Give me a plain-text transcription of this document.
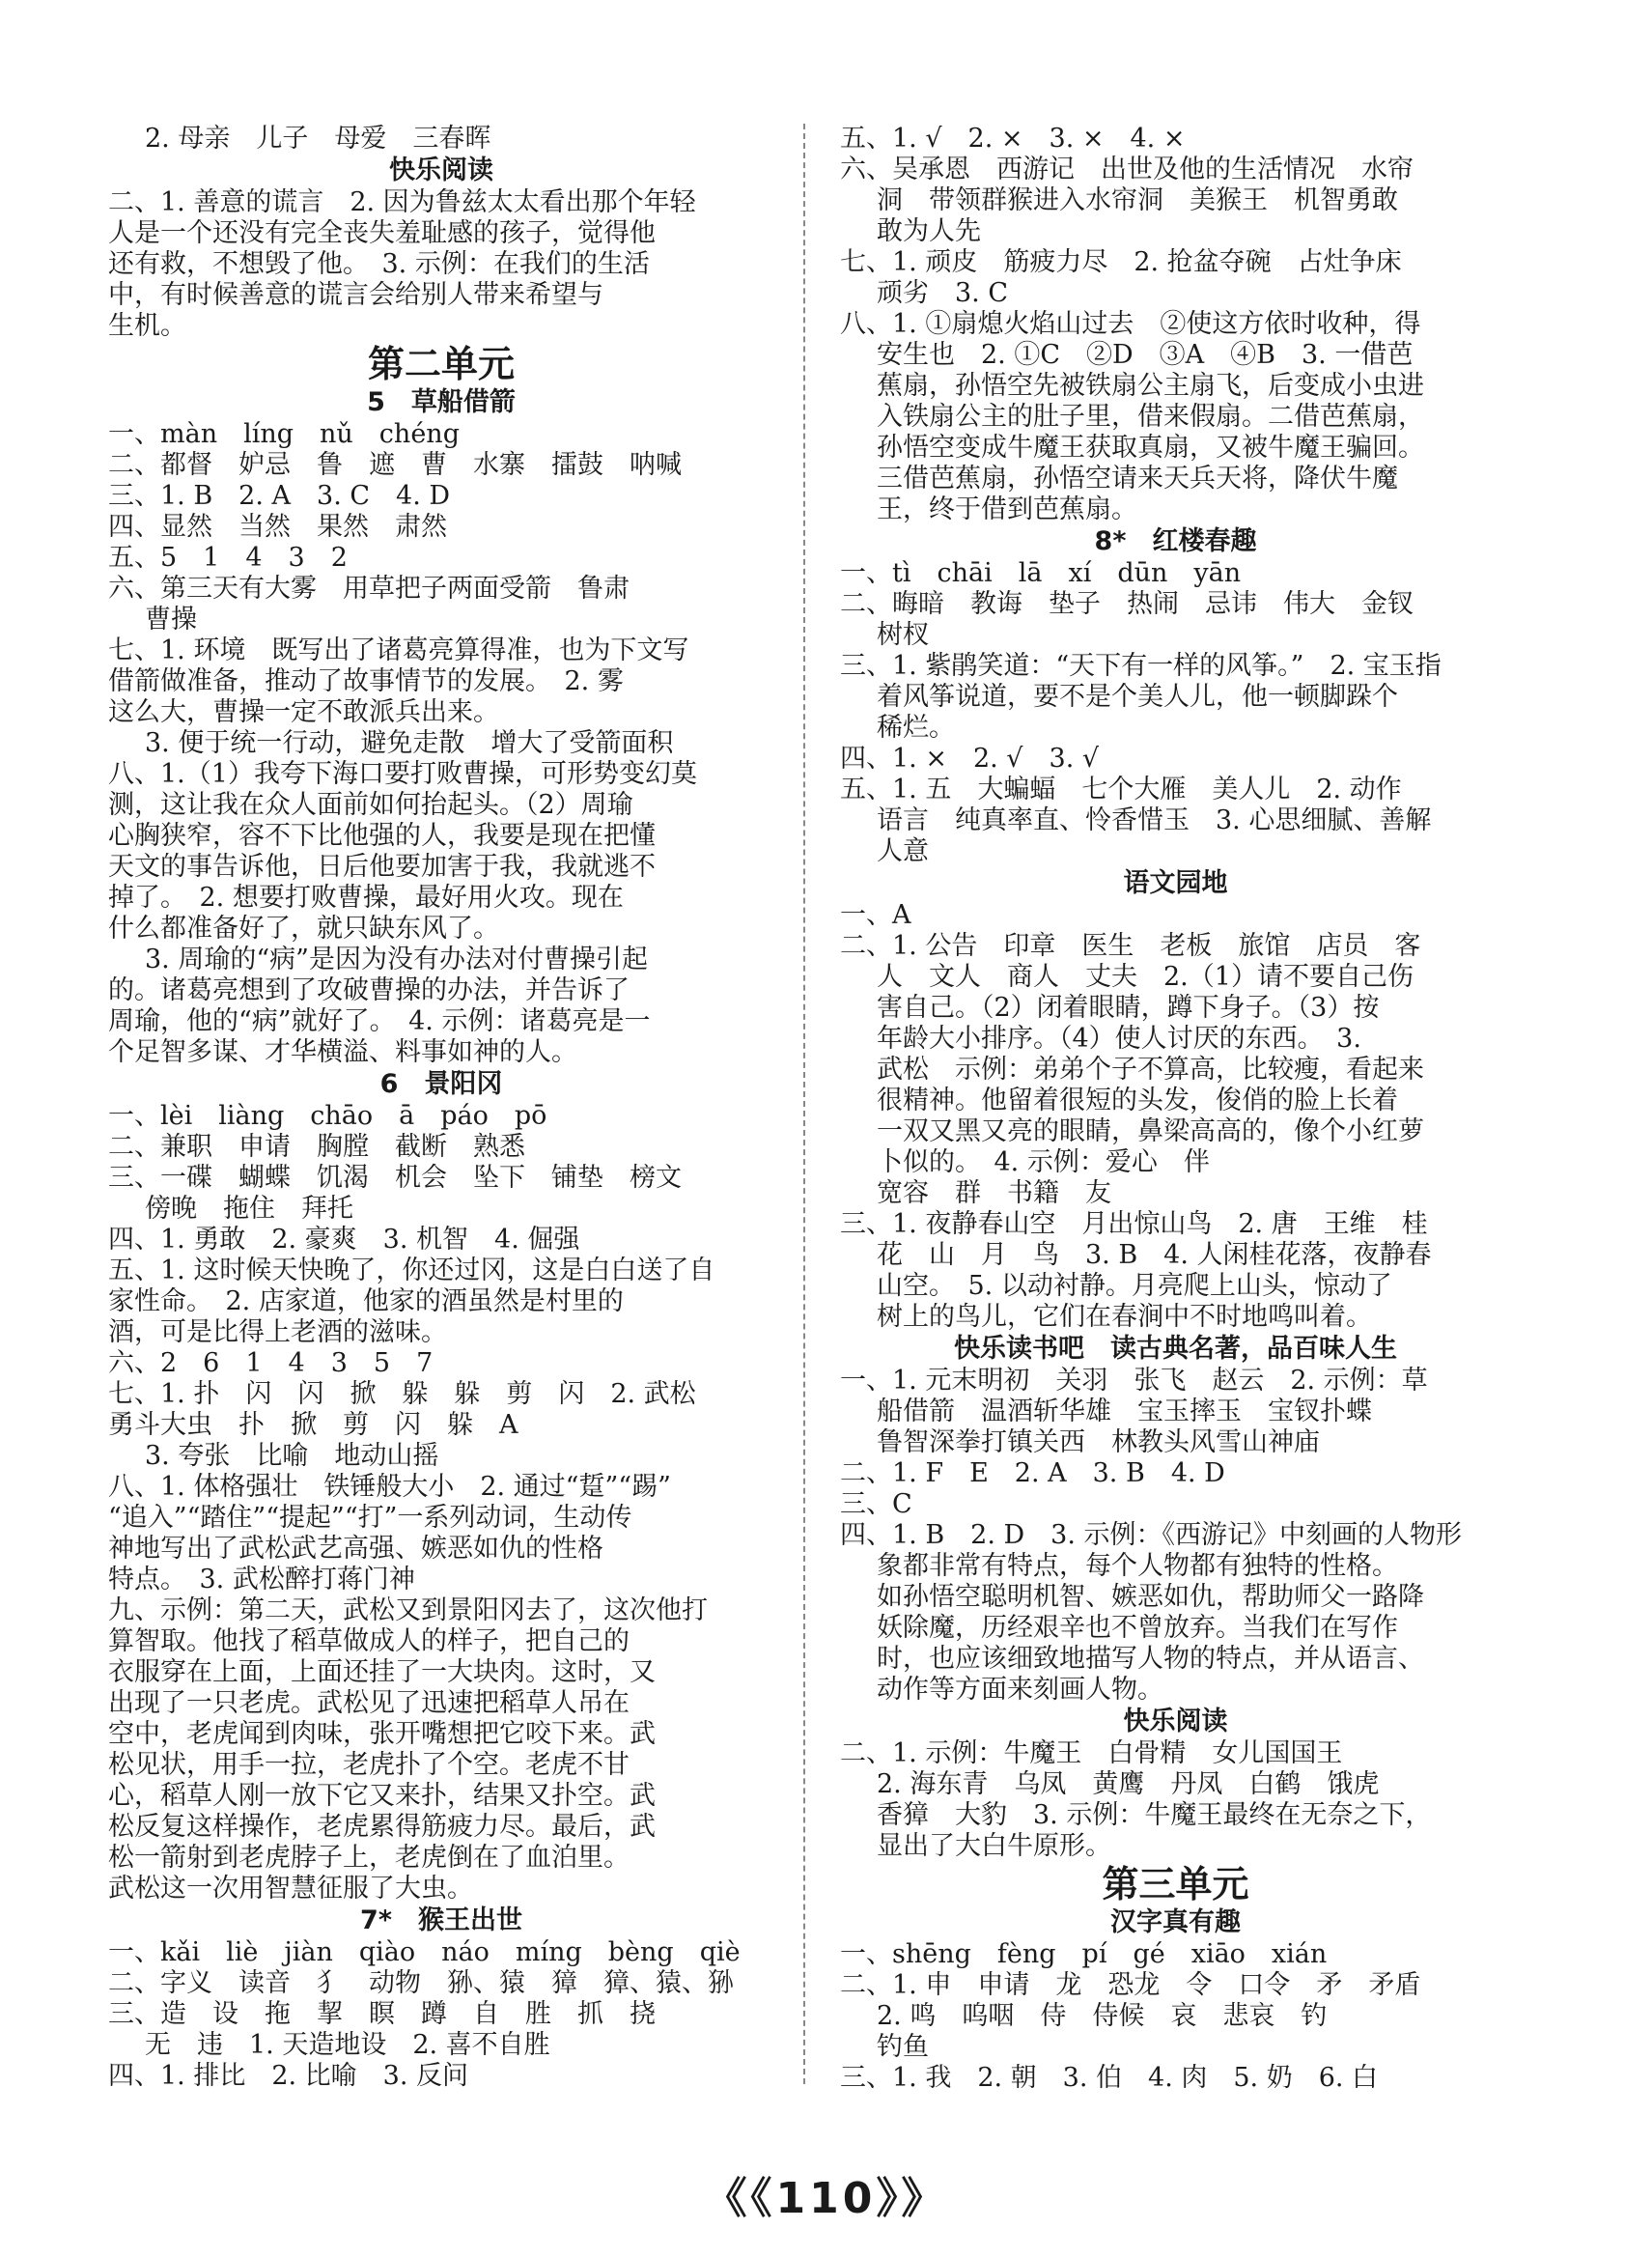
2. 母亲　儿子　母爱　三春晖
快乐阅读
二、1. 善意的谎言　2. 因为鲁兹太太看出那个年轻
人是一个还没有完全丧失羞耻感的孩子，觉得他
还有救，不想毁了他。　3. 示例：在我们的生活
中，有时候善意的谎言会给别人带来希望与
生机。
第二单元
5　草船借箭
一、màn　líng　nǔ　chéng
二、都督　妒忌　鲁　遮　曹　水寨　擂鼓　呐喊
三、1. B　2. A　3. C　4. D
四、显然　当然　果然　肃然
五、5　1　4　3　2
六、第三天有大雾　用草把子两面受箭　鲁肃
曹操
七、1. 环境　既写出了诸葛亮算得准，也为下文写
借箭做准备，推动了故事情节的发展。　2. 雾
这么大，曹操一定不敢派兵出来。
3. 便于统一行动，避免走散　增大了受箭面积
八、1.（1）我夸下海口要打败曹操，可形势变幻莫
测，这让我在众人面前如何抬起头。（2）周瑜
心胸狭窄，容不下比他强的人，我要是现在把懂
天文的事告诉他，日后他要加害于我，我就逃不
掉了。　2. 想要打败曹操，最好用火攻。现在
什么都准备好了，就只缺东风了。
3. 周瑜的“病”是因为没有办法对付曹操引起
的。诸葛亮想到了攻破曹操的办法，并告诉了
周瑜，他的“病”就好了。　4. 示例：诸葛亮是一
个足智多谋、才华横溢、料事如神的人。
6　景阳冈
一、lèi　liàng　chāo　ā　páo　pō
二、兼职　申请　胸膛　截断　熟悉
三、一碟　蝴蝶　饥渴　机会　坠下　铺垫　榜文
傍晚　拖住　拜托
四、1. 勇敢　2. 豪爽　3. 机智　4. 倔强
五、1. 这时候天快晚了，你还过冈，这是白白送了自
家性命。　2. 店家道，他家的酒虽然是村里的
酒，可是比得上老酒的滋味。
六、2　6　1　4　3　5　7
七、1. 扑　闪　闪　掀　躲　躲　剪　闪　2. 武松
勇斗大虫　扑　掀　剪　闪　躲　A
3. 夸张　比喻　地动山摇
八、1. 体格强壮　铁锤般大小　2. 通过“踅”“踢”
“追入”“踏住”“提起”“打”一系列动词，生动传
神地写出了武松武艺高强、嫉恶如仇的性格
特点。　3. 武松醉打蒋门神
九、示例：第二天，武松又到景阳冈去了，这次他打
算智取。他找了稻草做成人的样子，把自己的
衣服穿在上面，上面还挂了一大块肉。这时，又
出现了一只老虎。武松见了迅速把稻草人吊在
空中，老虎闻到肉味，张开嘴想把它咬下来。武
松见状，用手一拉，老虎扑了个空。老虎不甘
心，稻草人刚一放下它又来扑，结果又扑空。武
松反复这样操作，老虎累得筋疲力尽。最后，武
松一箭射到老虎脖子上，老虎倒在了血泊里。
武松这一次用智慧征服了大虫。
7*　猴王出世
一、kǎi　liè　jiàn　qiào　náo　míng　bèng　qiè
二、字义　读音　犭　动物　狲、猿　獐　獐、猿、狲
三、造　设　拖　挈　瞑　蹲　自　胜　抓　挠
无　违　1. 天造地设　2. 喜不自胜
四、1. 排比　2. 比喻　3. 反问
五、1. √　2. ×　3. ×　4. ×
六、吴承恩　西游记　出世及他的生活情况　水帘
洞　带领群猴进入水帘洞　美猴王　机智勇敢
敢为人先
七、1. 顽皮　筋疲力尽　2. 抢盆夺碗　占灶争床
顽劣　3. C
八、1. ①扇熄火焰山过去　②使这方依时收种，得
安生也　2. ①C　②D　③A　④B　3. 一借芭
蕉扇，孙悟空先被铁扇公主扇飞，后变成小虫进
入铁扇公主的肚子里，借来假扇。二借芭蕉扇，
孙悟空变成牛魔王获取真扇，又被牛魔王骗回。
三借芭蕉扇，孙悟空请来天兵天将，降伏牛魔
王，终于借到芭蕉扇。
8*　红楼春趣
一、tì　chāi　lā　xí　dūn　yān
二、晦暗　教诲　垫子　热闹　忌讳　伟大　金钗
树杈
三、1. 紫鹃笑道：“天下有一样的风筝。”　2. 宝玉指
着风筝说道，要不是个美人儿，他一顿脚跺个
稀烂。
四、1. ×　2. √　3. √
五、1. 五　大蝙蝠　七个大雁　美人儿　2. 动作
语言　纯真率直、怜香惜玉　3. 心思细腻、善解
人意
语文园地
一、A
二、1. 公告　印章　医生　老板　旅馆　店员　客
人　文人　商人　丈夫　2.（1）请不要自己伤
害自己。（2）闭着眼睛，蹲下身子。（3）按
年龄大小排序。（4）使人讨厌的东西。　3.
武松　示例：弟弟个子不算高，比较瘦，看起来
很精神。他留着很短的头发，俊俏的脸上长着
一双又黑又亮的眼睛，鼻梁高高的，像个小红萝
卜似的。　4. 示例：爱心　伴
宽容　群　书籍　友
三、1. 夜静春山空　月出惊山鸟　2. 唐　王维　桂
花　山　月　鸟　3. B　4. 人闲桂花落，夜静春
山空。　5. 以动衬静。月亮爬上山头，惊动了
树上的鸟儿，它们在春涧中不时地鸣叫着。
快乐读书吧　读古典名著，品百味人生
一、1. 元末明初　关羽　张飞　赵云　2. 示例：草
船借箭　温酒斩华雄　宝玉摔玉　宝钗扑蝶
鲁智深拳打镇关西　林教头风雪山神庙
二、1. F　E　2. A　3. B　4. D
三、C
四、1. B　2. D　3. 示例：《西游记》中刻画的人物形
象都非常有特点，每个人物都有独特的性格。
如孙悟空聪明机智、嫉恶如仇，帮助师父一路降
妖除魔，历经艰辛也不曾放弃。当我们在写作
时，也应该细致地描写人物的特点，并从语言、
动作等方面来刻画人物。
快乐阅读
二、1. 示例：牛魔王　白骨精　女儿国国王
2. 海东青　乌凤　黄鹰　丹凤　白鹤　饿虎
香獐　大豹　3. 示例：牛魔王最终在无奈之下，
显出了大白牛原形。
第三单元
汉字真有趣
一、shēng　fèng　pí　gé　xiāo　xián
二、1. 申　申请　龙　恐龙　令　口令　矛　矛盾
2. 鸣　呜咽　侍　侍候　哀　悲哀　钓
钓鱼
三、1. 我　2. 朝　3. 伯　4. 肉　5. 奶　6. 白
《《110》》
